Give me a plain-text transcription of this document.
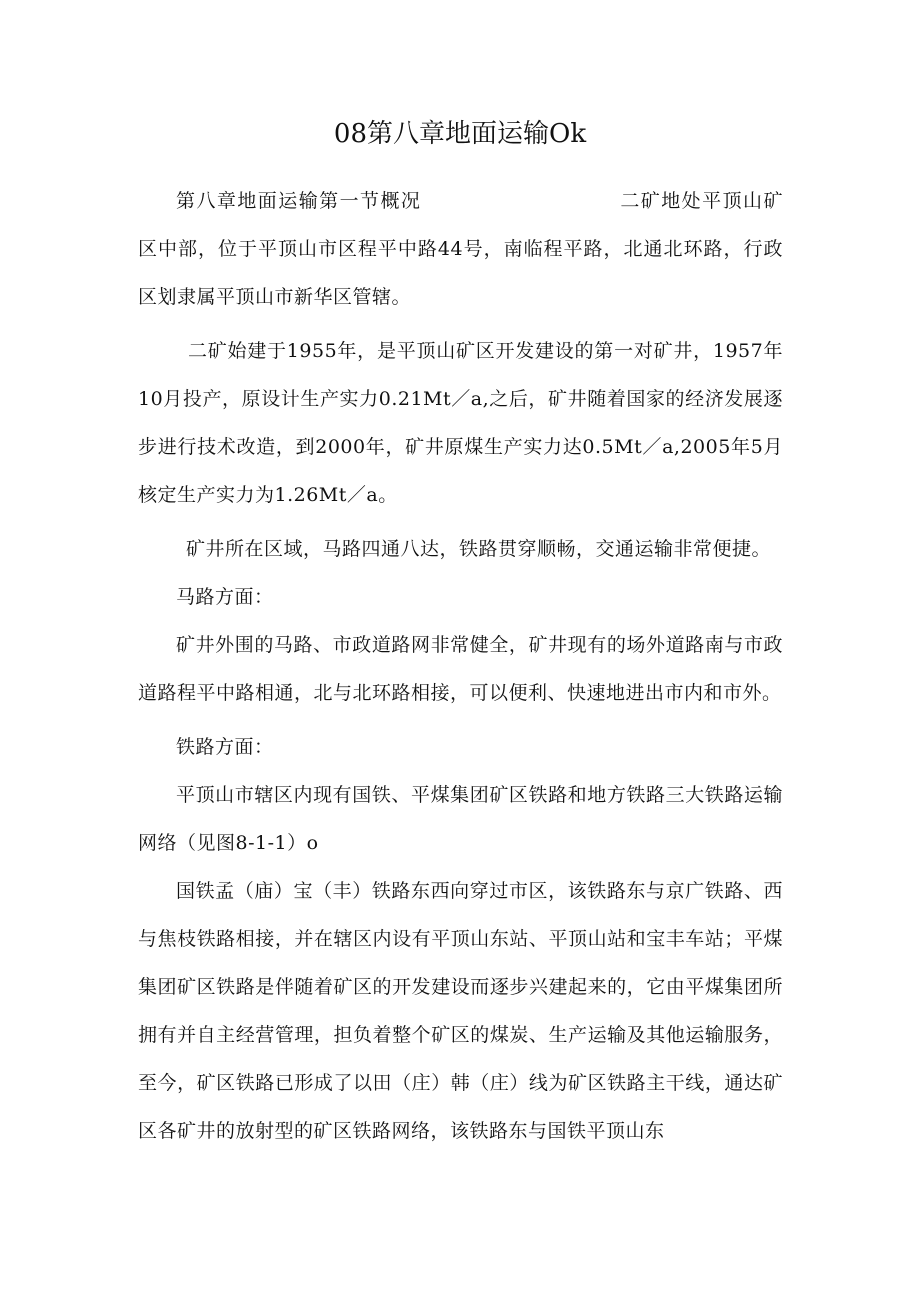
08第八章地面运输Ok

第八章地面运输第一节概况	二矿地处平顶山矿区中部，位于平顶山市区程平中路44号，南临程平路，北通北环路，行政区划隶属平顶山市新华区管辖。

二矿始建于1955年，是平顶山矿区开发建设的第一对矿井，1957年10月投产，原设计生产实力0.21Mt／a,之后，矿井随着国家的经济发展逐步进行技术改造，到2000年，矿井原煤生产实力达0.5Mt／a,2005年5月核定生产实力为1.26Mt／a。

矿井所在区域，马路四通八达，铁路贯穿顺畅，交通运输非常便捷。

马路方面：

矿井外围的马路、市政道路网非常健全，矿井现有的场外道路南与市政道路程平中路相通，北与北环路相接，可以便利、快速地进出市内和市外。

铁路方面：

平顶山市辖区内现有国铁、平煤集团矿区铁路和地方铁路三大铁路运输网络（见图8-1-1）o

国铁孟（庙）宝（丰）铁路东西向穿过市区，该铁路东与京广铁路、西与焦枝铁路相接，并在辖区内设有平顶山东站、平顶山站和宝丰车站；平煤集团矿区铁路是伴随着矿区的开发建设而逐步兴建起来的，它由平煤集团所拥有并自主经营管理，担负着整个矿区的煤炭、生产运输及其他运输服务，至今，矿区铁路已形成了以田（庄）韩（庄）线为矿区铁路主干线，通达矿区各矿井的放射型的矿区铁路网络，该铁路东与国铁平顶山东
